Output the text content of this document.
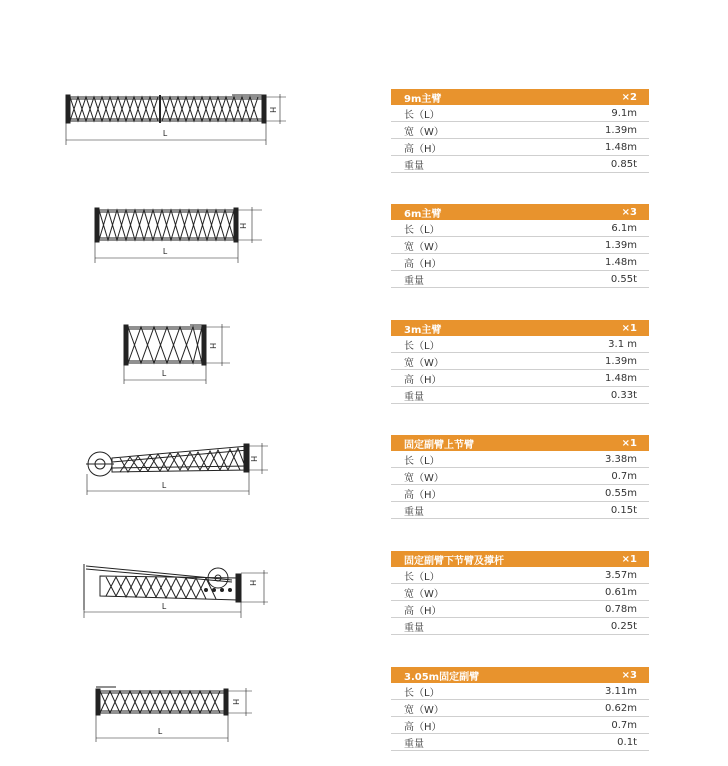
L
H
L
H
L
H
L
H
L
H
L
H
9m主臂	×2
长（L）	9.1m
宽（W）	1.39m
高（H）	1.48m
重量	0.85t
6m主臂	×3
长（L）	6.1m
宽（W）	1.39m
高（H）	1.48m
重量	0.55t
3m主臂	×1
长（L）	3.1 m
宽（W）	1.39m
高（H）	1.48m
重量	0.33t
固定副臂上节臂	×1
长（L）	3.38m
宽（W）	0.7m
高（H）	0.55m
重量	0.15t
固定副臂下节臂及撑杆	×1
长（L）	3.57m
宽（W）	0.61m
高（H）	0.78m
重量	0.25t
3.05m固定副臂	×3
长（L）	3.11m
宽（W）	0.62m
高（H）	0.7m
重量	0.1t
